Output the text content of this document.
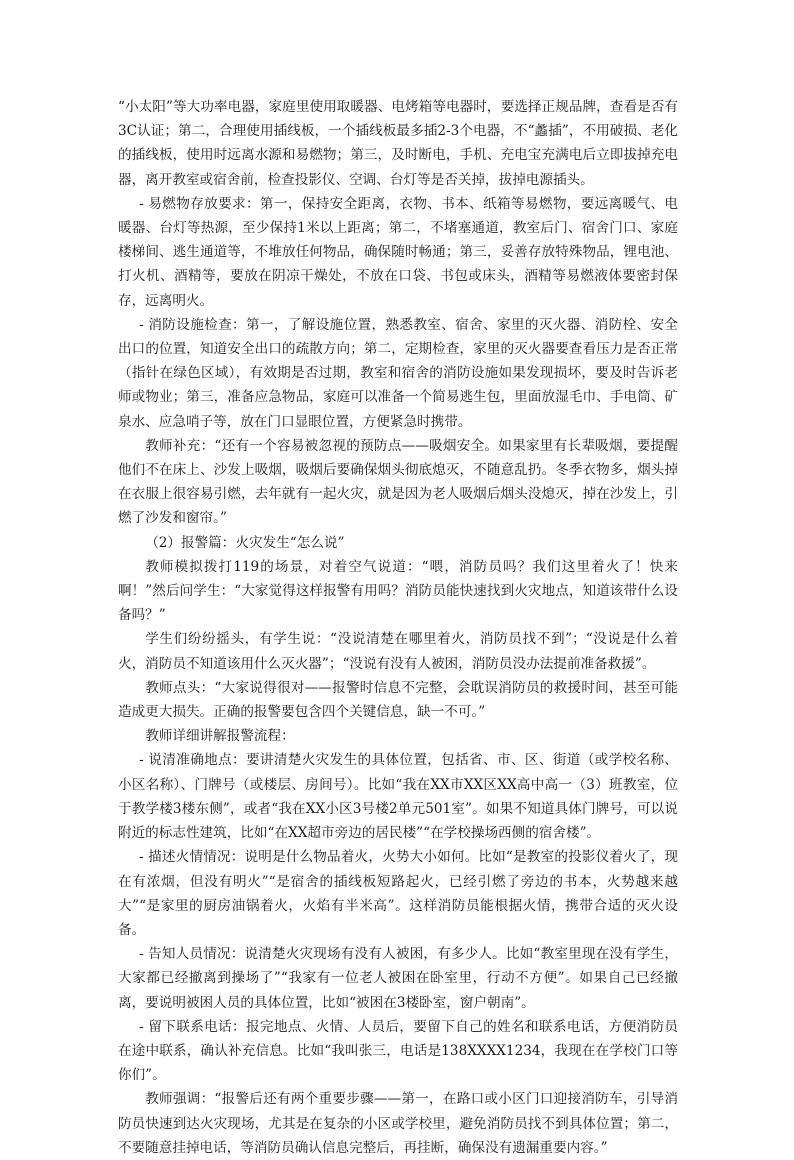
“小太阳”等大功率电器，家庭里使用取暖器、电烤箱等电器时，要选择正规品牌，查看是否有3C认证；第二，合理使用插线板，一个插线板最多插2-3个电器，不“蠡插”，不用破损、老化的插线板，使用时远离水源和易燃物；第三，及时断电，手机、充电宝充满电后立即拔掉充电器，离开教室或宿舍前，检查投影仪、空调、台灯等是否关掉，拔掉电源插头。

- 易燃物存放要求：第一，保持安全距离，衣物、书本、纸箱等易燃物，要远离暖气、电暖器、台灯等热源，至少保持1米以上距离；第二，不堵塞通道，教室后门、宿舍门口、家庭楼梯间、逃生通道等，不堆放任何物品，确保随时畅通；第三，妥善存放特殊物品，锂电池、打火机、酒精等，要放在阴凉干燥处，不放在口袋、书包或床头，酒精等易燃液体要密封保存，远离明火。

- 消防设施检查：第一，了解设施位置，熟悉教室、宿舍、家里的灭火器、消防栓、安全出口的位置，知道安全出口的疏散方向；第二，定期检查，家里的灭火器要查看压力是否正常（指针在绿色区域），有效期是否过期，教室和宿舍的消防设施如果发现损坏，要及时告诉老师或物业；第三，准备应急物品，家庭可以准备一个简易逃生包，里面放湿毛巾、手电筒、矿泉水、应急哨子等，放在门口显眼位置，方便紧急时携带。

教师补充：“还有一个容易被忽视的预防点——吸烟安全。如果家里有长辈吸烟，要提醒他们不在床上、沙发上吸烟，吸烟后要确保烟头彻底熄灭，不随意乱扔。冬季衣物多，烟头掉在衣服上很容易引燃，去年就有一起火灾，就是因为老人吸烟后烟头没熄灭，掉在沙发上，引燃了沙发和窗帘。”

（2）报警篇：火灾发生“怎么说”

教师模拟拨打119的场景，对着空气说道：“喂，消防员吗？我们这里着火了！快来啊！”然后问学生：“大家觉得这样报警有用吗？消防员能快速找到火灾地点，知道该带什么设备吗？”

学生们纷纷摇头，有学生说：“没说清楚在哪里着火，消防员找不到”；“没说是什么着火，消防员不知道该用什么灭火器”；“没说有没有人被困，消防员没办法提前准备救援”。

教师点头：“大家说得很对——报警时信息不完整，会耽误消防员的救援时间，甚至可能造成更大损失。正确的报警要包含四个关键信息，缺一不可。”

教师详细讲解报警流程：

- 说清准确地点：要讲清楚火灾发生的具体位置，包括省、市、区、街道（或学校名称、小区名称）、门牌号（或楼层、房间号）。比如“我在XX市XX区XX高中高一（3）班教室，位于教学楼3楼东侧”，或者“我在XX小区3号楼2单元501室”。如果不知道具体门牌号，可以说附近的标志性建筑，比如“在XX超市旁边的居民楼”“在学校操场西侧的宿舍楼”。

- 描述火情情况：说明是什么物品着火，火势大小如何。比如“是教室的投影仪着火了，现在有浓烟，但没有明火”“是宿舍的插线板短路起火，已经引燃了旁边的书本，火势越来越大”“是家里的厨房油锅着火，火焰有半米高”。这样消防员能根据火情，携带合适的灭火设备。

- 告知人员情况：说清楚火灾现场有没有人被困，有多少人。比如“教室里现在没有学生，大家都已经撤离到操场了”“我家有一位老人被困在卧室里，行动不方便”。如果自己已经撤离，要说明被困人员的具体位置，比如“被困在3楼卧室，窗户朝南”。

- 留下联系电话：报完地点、火情、人员后，要留下自己的姓名和联系电话，方便消防员在途中联系，确认补充信息。比如“我叫张三，电话是138XXXX1234，我现在在学校门口等你们”。

教师强调：“报警后还有两个重要步骤——第一，在路口或小区门口迎接消防车，引导消防员快速到达火灾现场，尤其是在复杂的小区或学校里，避免消防员找不到具体位置；第二，不要随意挂掉电话，等消防员确认信息完整后，再挂断，确保没有遗漏重要内容。”
